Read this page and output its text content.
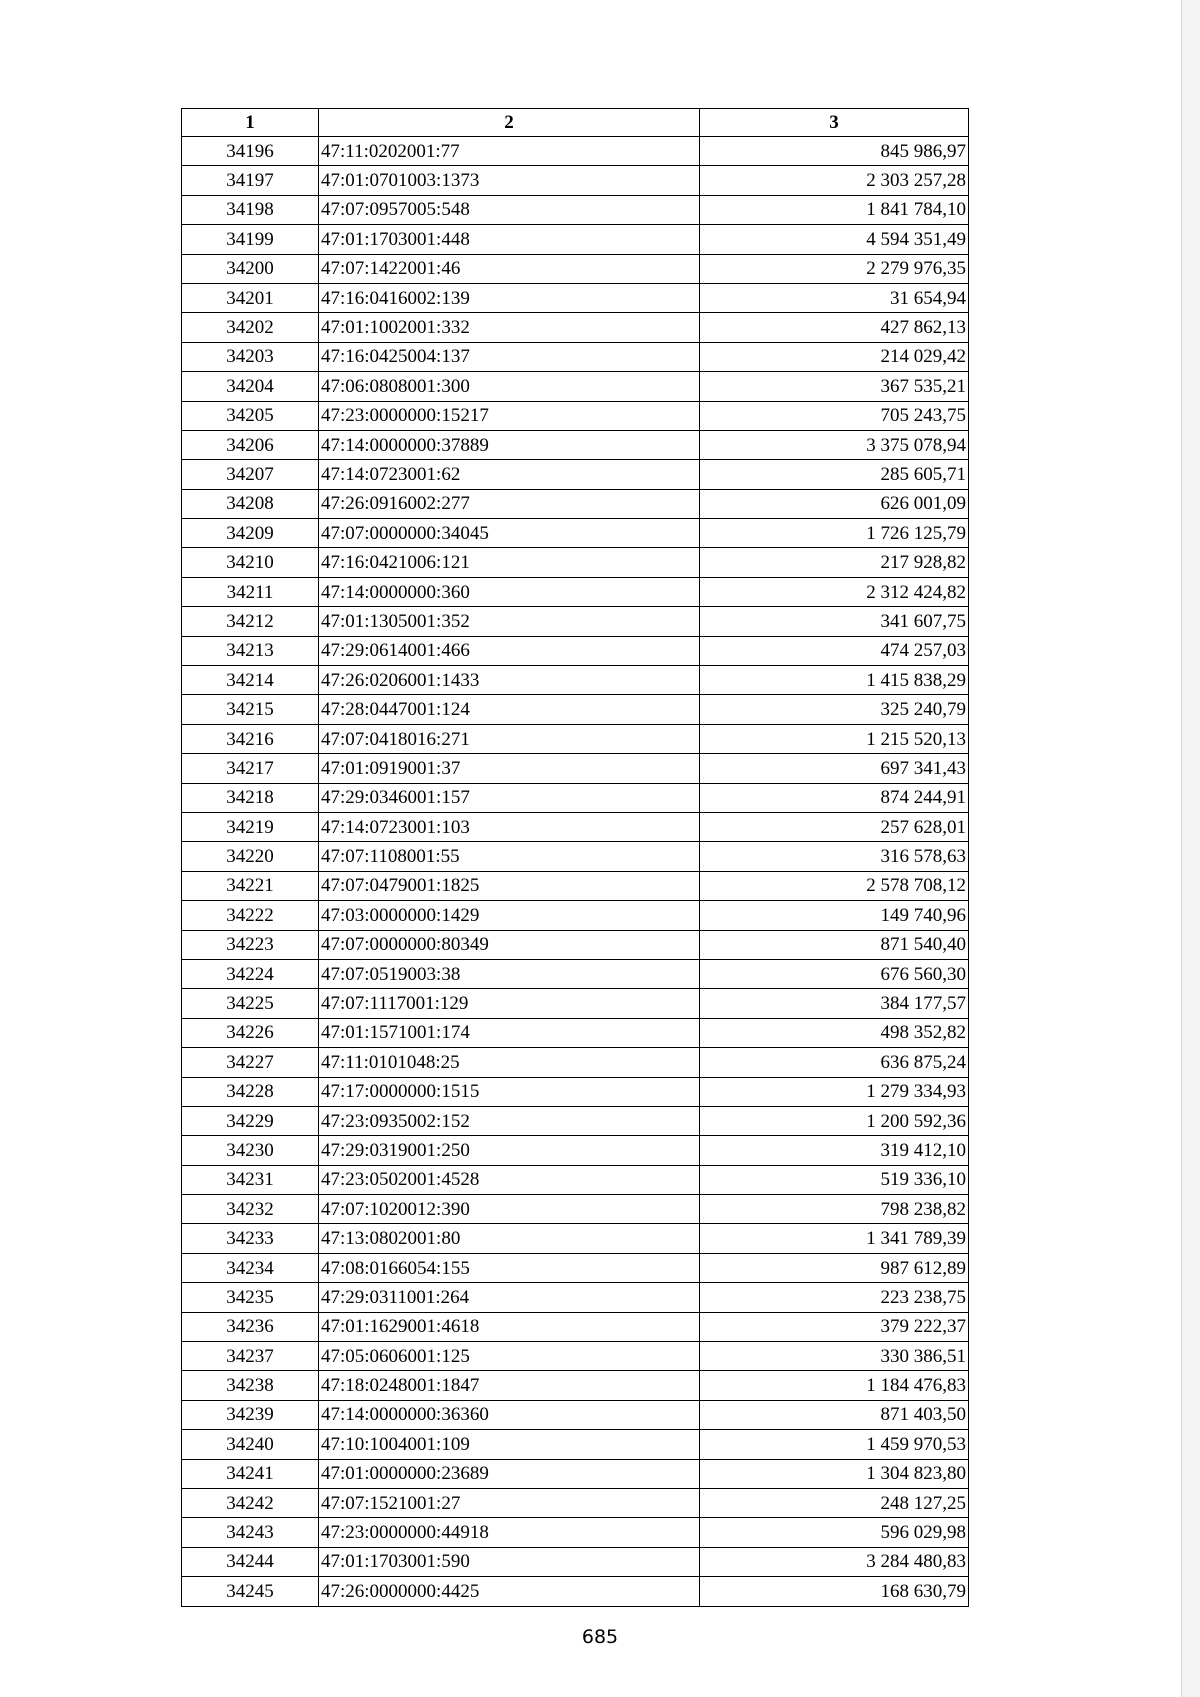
1	2	3
34196	47:11:0202001:77	845 986,97
34197	47:01:0701003:1373	2 303 257,28
34198	47:07:0957005:548	1 841 784,10
34199	47:01:1703001:448	4 594 351,49
34200	47:07:1422001:46	2 279 976,35
34201	47:16:0416002:139	31 654,94
34202	47:01:1002001:332	427 862,13
34203	47:16:0425004:137	214 029,42
34204	47:06:0808001:300	367 535,21
34205	47:23:0000000:15217	705 243,75
34206	47:14:0000000:37889	3 375 078,94
34207	47:14:0723001:62	285 605,71
34208	47:26:0916002:277	626 001,09
34209	47:07:0000000:34045	1 726 125,79
34210	47:16:0421006:121	217 928,82
34211	47:14:0000000:360	2 312 424,82
34212	47:01:1305001:352	341 607,75
34213	47:29:0614001:466	474 257,03
34214	47:26:0206001:1433	1 415 838,29
34215	47:28:0447001:124	325 240,79
34216	47:07:0418016:271	1 215 520,13
34217	47:01:0919001:37	697 341,43
34218	47:29:0346001:157	874 244,91
34219	47:14:0723001:103	257 628,01
34220	47:07:1108001:55	316 578,63
34221	47:07:0479001:1825	2 578 708,12
34222	47:03:0000000:1429	149 740,96
34223	47:07:0000000:80349	871 540,40
34224	47:07:0519003:38	676 560,30
34225	47:07:1117001:129	384 177,57
34226	47:01:1571001:174	498 352,82
34227	47:11:0101048:25	636 875,24
34228	47:17:0000000:1515	1 279 334,93
34229	47:23:0935002:152	1 200 592,36
34230	47:29:0319001:250	319 412,10
34231	47:23:0502001:4528	519 336,10
34232	47:07:1020012:390	798 238,82
34233	47:13:0802001:80	1 341 789,39
34234	47:08:0166054:155	987 612,89
34235	47:29:0311001:264	223 238,75
34236	47:01:1629001:4618	379 222,37
34237	47:05:0606001:125	330 386,51
34238	47:18:0248001:1847	1 184 476,83
34239	47:14:0000000:36360	871 403,50
34240	47:10:1004001:109	1 459 970,53
34241	47:01:0000000:23689	1 304 823,80
34242	47:07:1521001:27	248 127,25
34243	47:23:0000000:44918	596 029,98
34244	47:01:1703001:590	3 284 480,83
34245	47:26:0000000:4425	168 630,79
685
